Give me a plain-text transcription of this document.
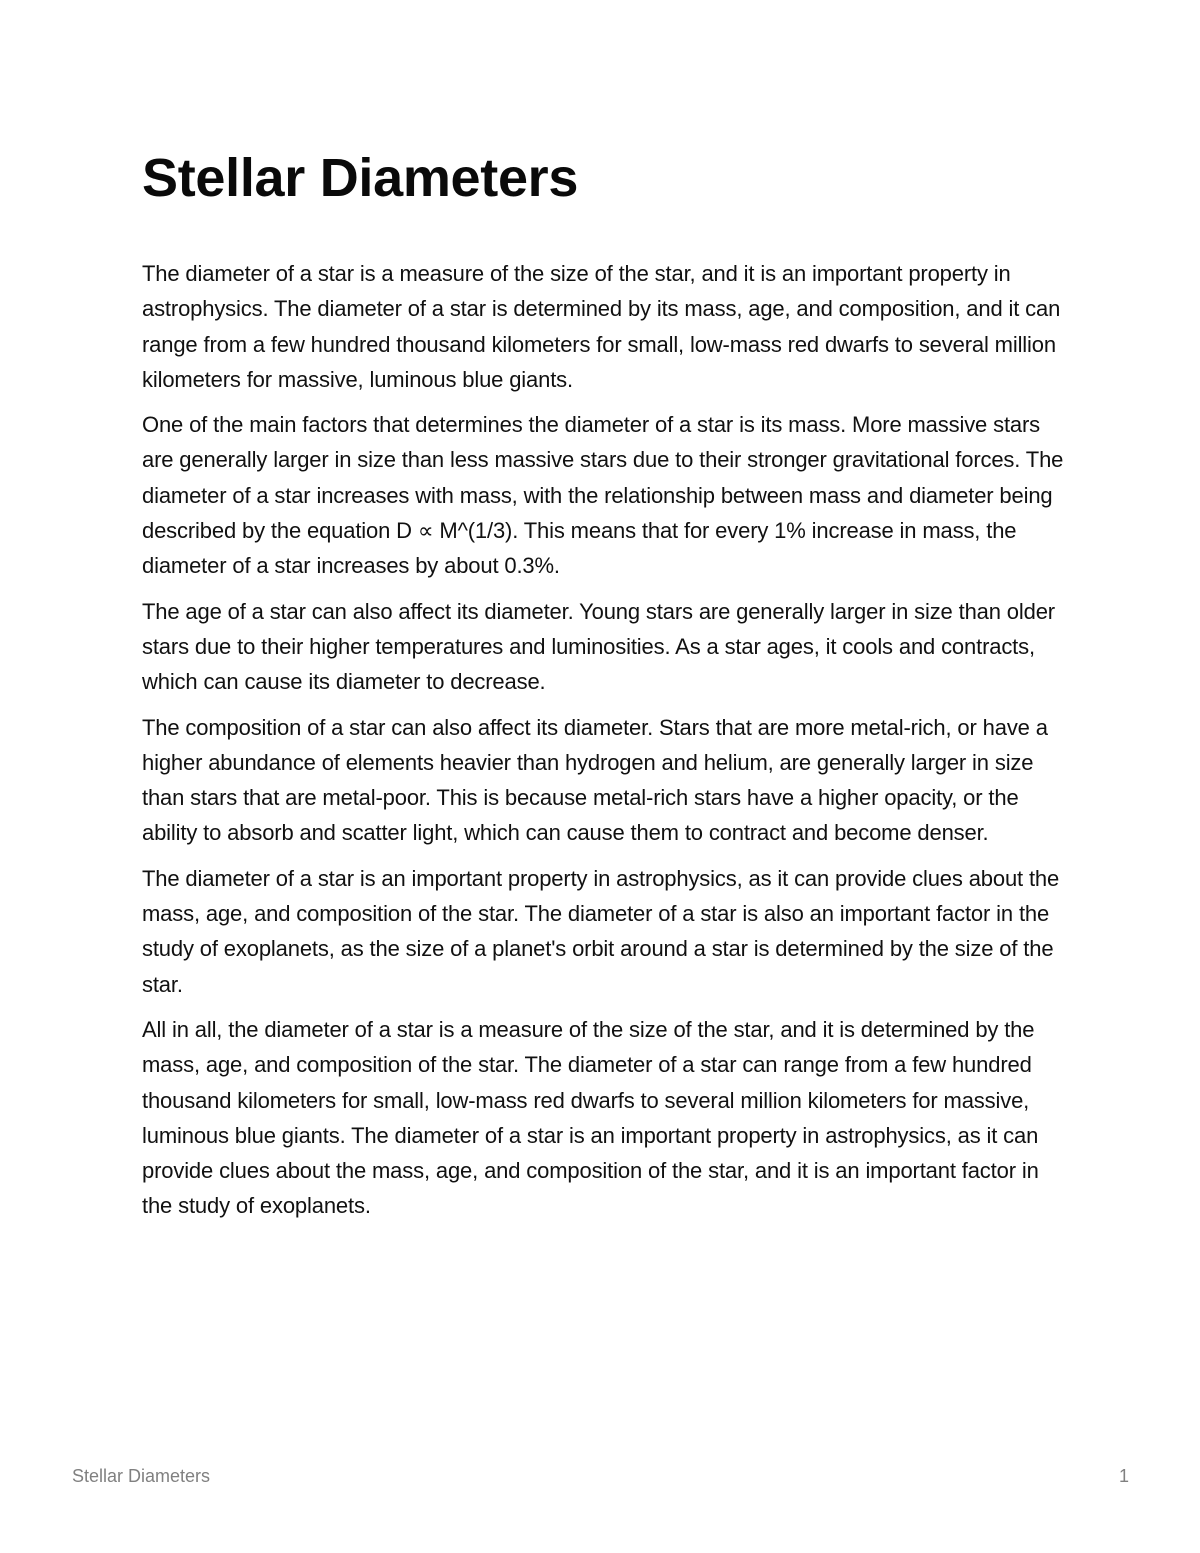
Stellar Diameters

The diameter of a star is a measure of the size of the star, and it is an important property in astrophysics. The diameter of a star is determined by its mass, age, and composition, and it can range from a few hundred thousand kilometers for small, low-mass red dwarfs to several million kilometers for massive, luminous blue giants.

One of the main factors that determines the diameter of a star is its mass. More massive stars are generally larger in size than less massive stars due to their stronger gravitational forces. The diameter of a star increases with mass, with the relationship between mass and diameter being described by the equation D ∝ M^(1/3). This means that for every 1% increase in mass, the diameter of a star increases by about 0.3%.

The age of a star can also affect its diameter. Young stars are generally larger in size than older stars due to their higher temperatures and luminosities. As a star ages, it cools and contracts, which can cause its diameter to decrease.

The composition of a star can also affect its diameter. Stars that are more metal-rich, or have a higher abundance of elements heavier than hydrogen and helium, are generally larger in size than stars that are metal-poor. This is because metal-rich stars have a higher opacity, or the ability to absorb and scatter light, which can cause them to contract and become denser.

The diameter of a star is an important property in astrophysics, as it can provide clues about the mass, age, and composition of the star. The diameter of a star is also an important factor in the study of exoplanets, as the size of a planet's orbit around a star is determined by the size of the star.

All in all, the diameter of a star is a measure of the size of the star, and it is determined by the mass, age, and composition of the star. The diameter of a star can range from a few hundred thousand kilometers for small, low-mass red dwarfs to several million kilometers for massive, luminous blue giants. The diameter of a star is an important property in astrophysics, as it can provide clues about the mass, age, and composition of the star, and it is an important factor in the study of exoplanets.

Stellar Diameters	1
